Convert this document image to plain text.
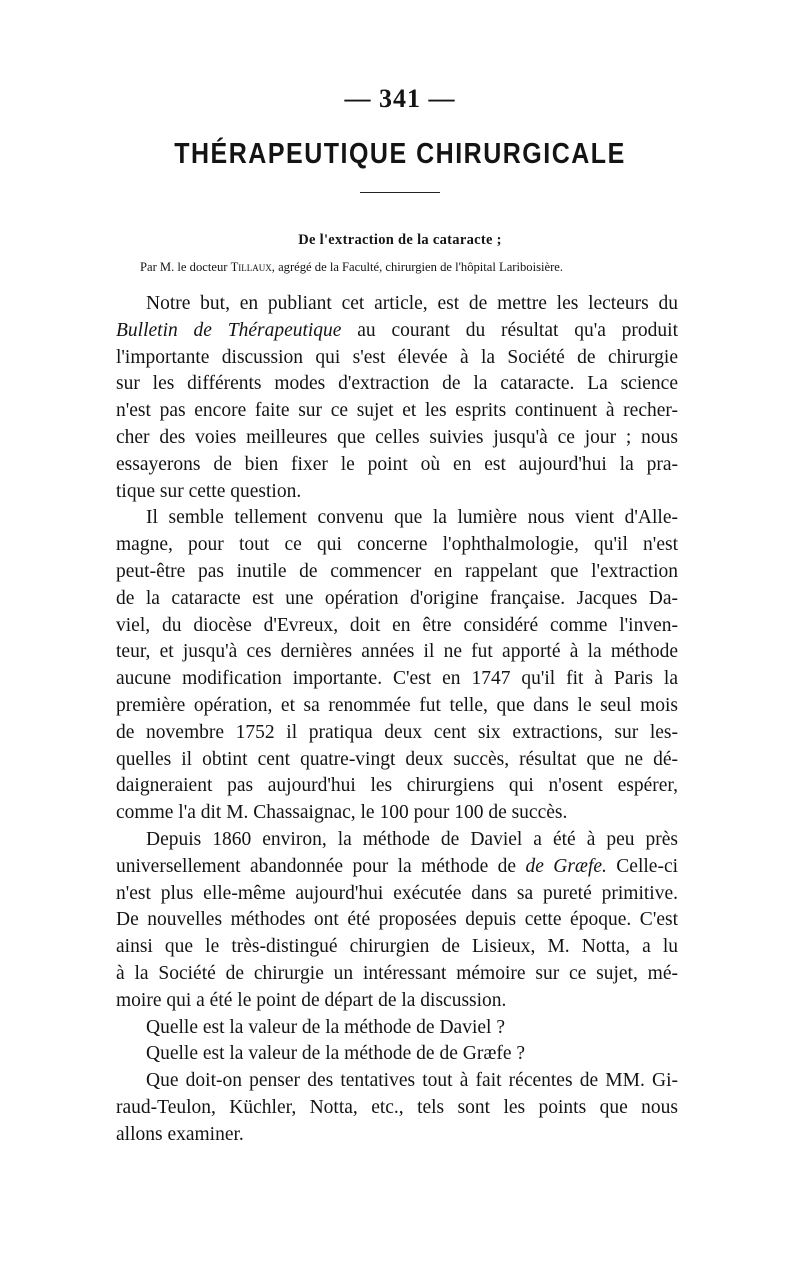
— 341 —
THÉRAPEUTIQUE CHIRURGICALE
De l'extraction de la cataracte ;
Par M. le docteur Tillaux, agrégé de la Faculté, chirurgien de l'hôpital Lariboisière.
Notre but, en publiant cet article, est de mettre les lecteurs du
Bulletin de Thérapeutique au courant du résultat qu'a produit
l'importante discussion qui s'est élevée à la Société de chirurgie
sur les différents modes d'extraction de la cataracte. La science
n'est pas encore faite sur ce sujet et les esprits continuent à recher-
cher des voies meilleures que celles suivies jusqu'à ce jour ; nous
essayerons de bien fixer le point où en est aujourd'hui la pra-
tique sur cette question.
Il semble tellement convenu que la lumière nous vient d'Alle-
magne, pour tout ce qui concerne l'ophthalmologie, qu'il n'est
peut-être pas inutile de commencer en rappelant que l'extraction
de la cataracte est une opération d'origine française. Jacques Da-
viel, du diocèse d'Evreux, doit en être considéré comme l'inven-
teur, et jusqu'à ces dernières années il ne fut apporté à la méthode
aucune modification importante. C'est en 1747 qu'il fit à Paris la
première opération, et sa renommée fut telle, que dans le seul mois
de novembre 1752 il pratiqua deux cent six extractions, sur les-
quelles il obtint cent quatre-vingt deux succès, résultat que ne dé-
daigneraient pas aujourd'hui les chirurgiens qui n'osent espérer,
comme l'a dit M. Chassaignac, le 100 pour 100 de succès.
Depuis 1860 environ, la méthode de Daviel a été à peu près
universellement abandonnée pour la méthode de de Græfe. Celle-ci
n'est plus elle-même aujourd'hui exécutée dans sa pureté primitive.
De nouvelles méthodes ont été proposées depuis cette époque. C'est
ainsi que le très-distingué chirurgien de Lisieux, M. Notta, a lu
à la Société de chirurgie un intéressant mémoire sur ce sujet, mé-
moire qui a été le point de départ de la discussion.
Quelle est la valeur de la méthode de Daviel ?
Quelle est la valeur de la méthode de de Græfe ?
Que doit-on penser des tentatives tout à fait récentes de MM. Gi-
raud-Teulon, Küchler, Notta, etc., tels sont les points que nous
allons examiner.
